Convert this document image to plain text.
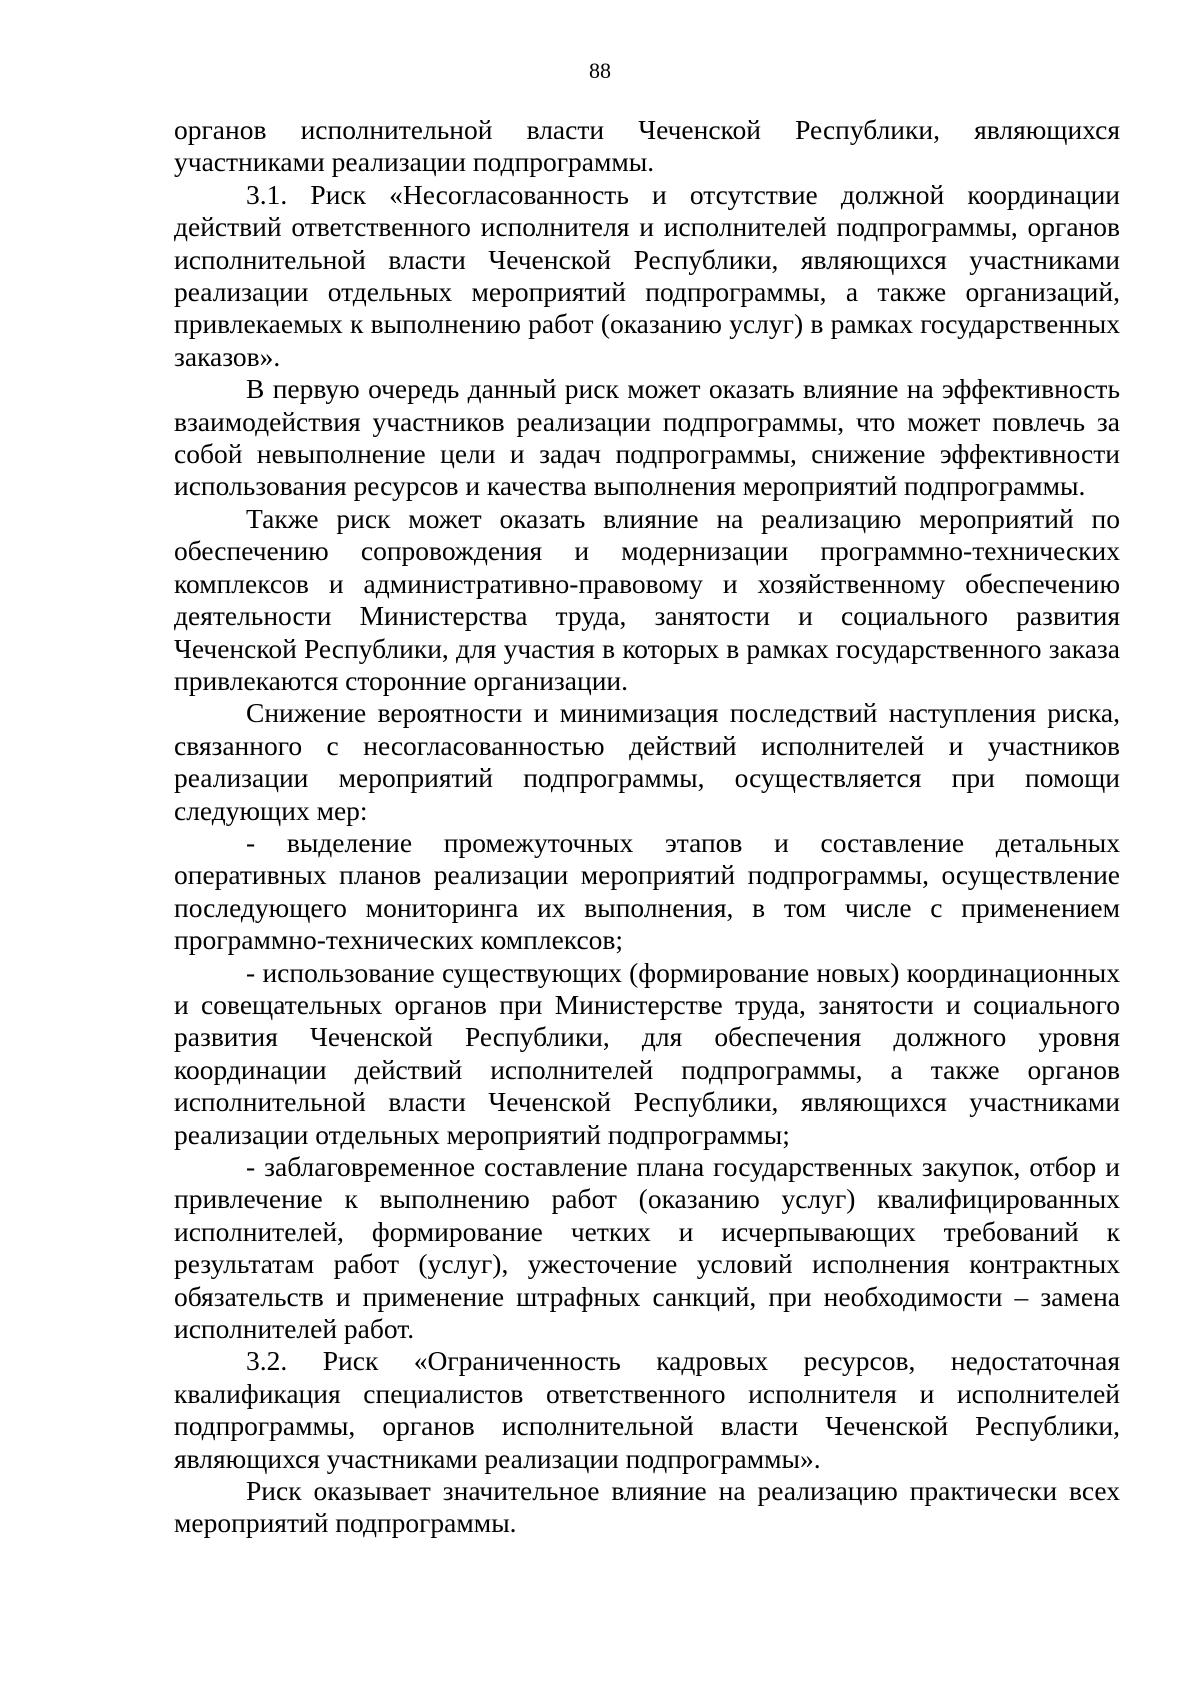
88

органов исполнительной власти Чеченской Республики, являющихся участниками реализации подпрограммы.

3.1. Риск «Несогласованность и отсутствие должной координации действий ответственного исполнителя и исполнителей подпрограммы, органов исполнительной власти Чеченской Республики, являющихся участниками реализации отдельных мероприятий подпрограммы, а также организаций, привлекаемых к выполнению работ (оказанию услуг) в рамках государственных заказов».

В первую очередь данный риск может оказать влияние на эффективность взаимодействия участников реализации подпрограммы, что может повлечь за собой невыполнение цели и задач подпрограммы, снижение эффективности использования ресурсов и качества выполнения мероприятий подпрограммы.

Также риск может оказать влияние на реализацию мероприятий по обеспечению сопровождения и модернизации программно-технических комплексов и административно-правовому и хозяйственному обеспечению деятельности Министерства труда, занятости и социального развития Чеченской Республики, для участия в которых в рамках государственного заказа привлекаются сторонние организации.

Снижение вероятности и минимизация последствий наступления риска, связанного с несогласованностью действий исполнителей и участников реализации мероприятий подпрограммы, осуществляется при помощи следующих мер:

- выделение промежуточных этапов и составление детальных оперативных планов реализации мероприятий подпрограммы, осуществление последующего мониторинга их выполнения, в том числе с применением программно-технических комплексов;

- использование существующих (формирование новых) координационных и совещательных органов при Министерстве труда, занятости и социального развития Чеченской Республики, для обеспечения должного уровня координации действий исполнителей подпрограммы, а также органов исполнительной власти Чеченской Республики, являющихся участниками реализации отдельных мероприятий подпрограммы;

- заблаговременное составление плана государственных закупок, отбор и привлечение к выполнению работ (оказанию услуг) квалифицированных исполнителей, формирование четких и исчерпывающих требований к результатам работ (услуг), ужесточение условий исполнения контрактных обязательств и применение штрафных санкций, при необходимости – замена исполнителей работ.

3.2. Риск «Ограниченность кадровых ресурсов, недостаточная квалификация специалистов ответственного исполнителя и исполнителей подпрограммы, органов исполнительной власти Чеченской Республики, являющихся участниками реализации подпрограммы».

Риск оказывает значительное влияние на реализацию практически всех мероприятий подпрограммы.
